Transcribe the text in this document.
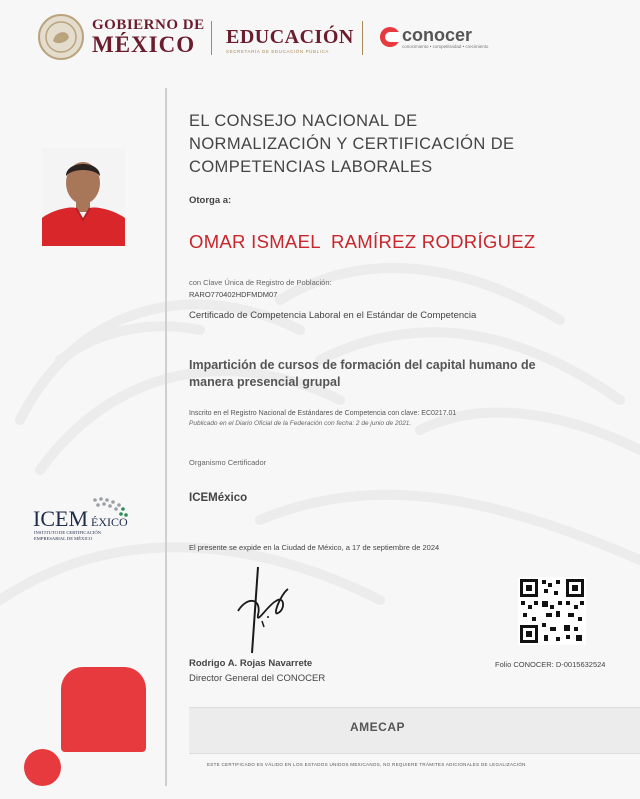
GOBIERNO DE
MÉXICO EDUCACIÓN
SECRETARÍA DE EDUCACIÓN PÚBLICA
conocer
conocimiento • competitividad • crecimiento
ICEM ÉXICO
INSTITUTO DE CERTIFICACIÓN
EMPRESARIAL DE MÉXICO
EL CONSEJO NACIONAL DE NORMALIZACIÓN Y CERTIFICACIÓN DE COMPETENCIAS LABORALES
Otorga a:
OMAR ISMAEL  RAMÍREZ RODRÍGUEZ
con Clave Única de Registro de Población:
RARO770402HDFMDM07
Certificado de Competencia Laboral en el Estándar de Competencia
Impartición de cursos de formación del capital humano de manera presencial grupal
Inscrito en el Registro Nacional de Estándares de Competencia con clave: EC0217.01
Publicado en el Diario Oficial de la Federación con fecha: 2 de junio de 2021.
Organismo Certificador
ICEMéxico
El presente se expide en la Ciudad de México, a 17 de septiembre de 2024
Rodrigo A. Rojas Navarrete
Director General del CONOCER
Folio CONOCER: D-0015632524
AMECAP
ESTE CERTIFICADO ES VÁLIDO EN LOS ESTADOS UNIDOS MEXICANOS, NO REQUIERE TRÁMITES ADICIONALES DE LEGALIZACIÓN
